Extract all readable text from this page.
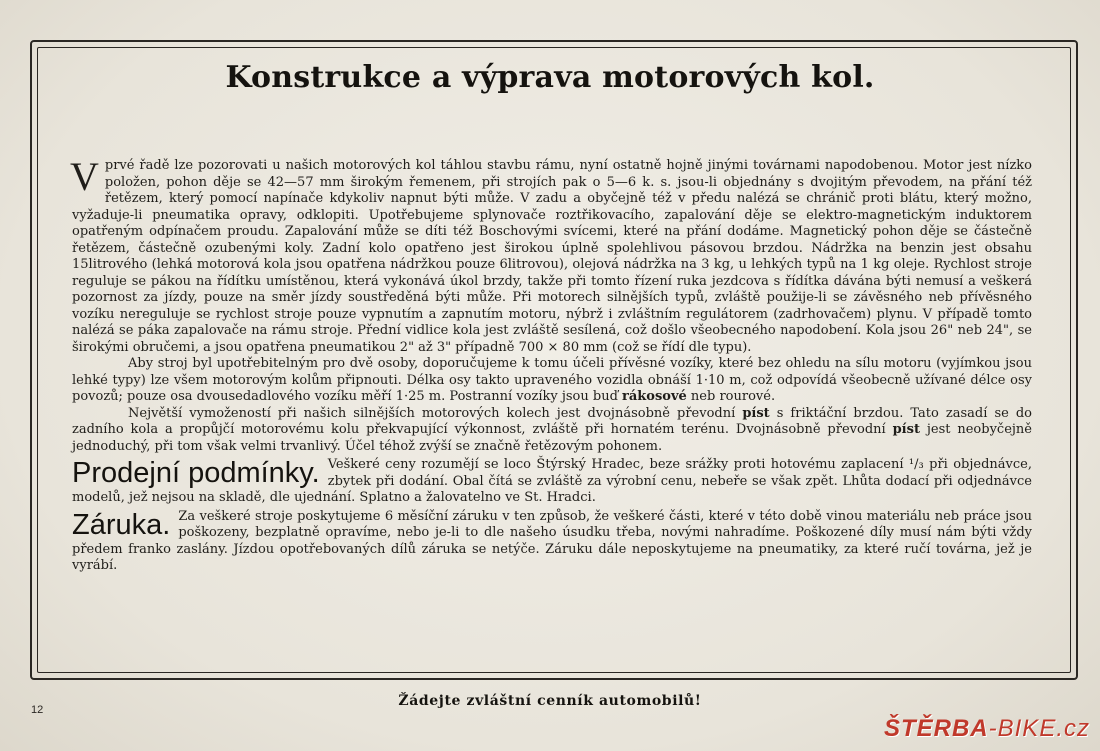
Konstrukce a výprava motorových kol.

Vprvé řadě lze pozorovati u našich motorových kol táhlou stavbu rámu, nyní ostatně hojně jinými továrnami napodobenou. Motor jest nízko položen, pohon děje se 42—57 mm širokým řemenem, při strojích pak o 5—6 k. s. jsou-li objednány s dvojitým převodem, na přání též řetězem, který pomocí napínače kdykoliv napnut býti může. V zadu a obyčejně též v předu nalézá se chránič proti blátu, který možno, vyžaduje-li pneumatika opravy, odklopiti. Upotřebujeme splynovače roztřikovacího, zapalování děje se elektro-magnetickým induktorem opatřeným odpínačem proudu. Zapalování může se díti též Boschovými svícemi, které na přání dodáme. Magnetický pohon děje se částečně řetězem, částečně ozubenými koly. Zadní kolo opatřeno jest širokou úplně spolehlivou pásovou brzdou. Nádržka na benzin jest obsahu 15litrového (lehká motorová kola jsou opatřena nádržkou pouze 6litrovou), olejová nádržka na 3 kg, u lehkých typů na 1 kg oleje. Rychlost stroje reguluje se pákou na řídítku umístěnou, která vykonává úkol brzdy, takže při tomto řízení ruka jezdcova s řídítka dávána býti nemusí a veškerá pozornost za jízdy, pouze na směr jízdy soustředěná býti může. Při motorech silnějších typů, zvláště použije-li se závěsného neb přívěsného vozíku nereguluje se rychlost stroje pouze vypnutím a zapnutím motoru, nýbrž i zvláštním regulátorem (zadrhovačem) plynu. V případě tomto nalézá se páka zapalovače na rámu stroje. Přední vidlice kola jest zvláště sesílená, což došlo všeobecného napodobení. Kola jsou 26" neb 24", se širokými obručemi, a jsou opatřena pneumatikou 2" až 3" případně 700 × 80 mm (což se řídí dle typu).

Aby stroj byl upotřebitelným pro dvě osoby, doporučujeme k tomu účeli přívěsné vozíky, které bez ohledu na sílu motoru (vyjímkou jsou lehké typy) lze všem motorovým kolům připnouti. Délka osy takto upraveného vozidla obnáší 1·10 m, což odpovídá všeobecně užívané délce osy povozů; pouze osa dvousedadlového vozíku měří 1·25 m. Postranní vozíky jsou buď rákosové neb rourové.

Největší vymožeností při našich silnějších motorových kolech jest dvojnásobně převodní píst s friktáční brzdou. Tato zasadí se do zadního kola a propůjčí motorovému kolu překvapující výkonnost, zvláště při hornatém terénu. Dvojnásobně převodní píst jest neobyčejně jednoduchý, při tom však velmi trvanlivý. Účel téhož zvýší se značně řetězovým pohonem.

Prodejní podmínky. Veškeré ceny rozumějí se loco Štýrský Hradec, beze srážky proti hotovému zaplacení ¹/₃ při objednávce, zbytek při dodání. Obal čítá se zvláště za výrobní cenu, nebeře se však zpět. Lhůta dodací při odjednávce modelů, jež nejsou na skladě, dle ujednání. Splatno a žalovatelno ve St. Hradci.

Záruka. Za veškeré stroje poskytujeme 6 měsíční záruku v ten způsob, že veškeré části, které v této době vinou materiálu neb práce jsou poškozeny, bezplatně opravíme, nebo je-li to dle našeho úsudku třeba, novými nahradíme. Poškozené díly musí nám býti vždy předem franko zaslány. Jízdou opotřebovaných dílů záruka se netýče. Záruku dále neposkytujeme na pneumatiky, za které ručí továrna, jež je vyrábí.

12
Žádejte zvláštní cenník automobilů!
ŠTĚRBA-BIKE.cz
